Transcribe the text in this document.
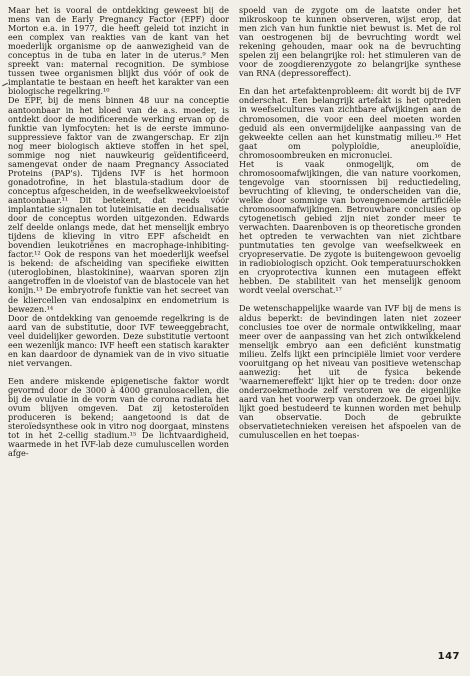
Maar het is vooral de ontdekking geweest bij de mens van de Early Pregnancy Factor (EPF) door Morton e.a. in 1977, die heeft geleid tot inzicht in een complex van reakties van de kant van het moederlijk organisme op de aanwezigheid van de conceptus in de tuba en later in de uterus.⁹ Men spreekt van: maternal recognition. De symbiose tussen twee organismen blijkt dus vóór of ook de implantatie te bestaan en heeft het karakter van een biologische regelkring.¹⁰

De EPF, bij de mens binnen 48 uur na conceptie aantoonbaar in het bloed van de a.s. moeder, is ontdekt door de modificerende werking ervan op de funktie van lymfocyten: het is de eerste immuno-suppressieve faktor van de zwangerschap. Er zijn nog meer biologisch aktieve stoffen in het spel, sommige nog niet nauwkeurig geïdentificeerd, samengevat onder de naam Pregnancy Associated Proteins (PAP's). Tijdens IVF is het hormoon gonadotrofine, in het blastula-stadium door de conceptus afgescheiden, in de weefselkweekvloeistof aantoonbaar.¹¹ Dit betekent, dat reeds vóór implantatie signalen tot luteinisatie en decidualisatie door de conceptus worden uitgezonden. Edwards zelf deelde onlangs mede, dat het menselijk embryo tijdens de klieving in vitro EPF afscheidt en bovendien leukotriënes en macrophage-inhibiting-factor.¹² Ook de respons van het moederlijk weefsel is bekend: de afscheiding van specifieke eiwitten (uteroglobinen, blastokinine), waarvan sporen zijn aangetroffen in de vloeistof van de blastocele van het konijn.¹³ De embryotrofe funktie van het secreet van de kliercellen van endosalpinx en endometrium is bewezen.¹⁴

Door de ontdekking van genoemde regelkring is de aard van de substitutie, door IVF teweeggebracht, veel duidelijker geworden. Deze substitutie vertoont een wezenlijk manco: IVF heeft een statisch karakter en kan daardoor de dynamiek van de in vivo situatie niet vervangen.

Een andere miskende epigenetische faktor wordt gevormd door de 3000 à 4000 granulosacellen, die bij de ovulatie in de vorm van de corona radiata het ovum blijven omgeven. Dat zij ketosteroïden produceren is bekend; aangetoond is dat de steroïedsynthese ook in vitro nog doorgaat, minstens tot in het 2-cellig stadium.¹⁵ De lichtvaardigheid, waarmede in het IVF-lab deze cumuluscellen worden afge-

spoeld van de zygote om de laatste onder het mikroskoop te kunnen observeren, wijst erop, dat men zich van hun funktie niet bewust is. Met de rol van oestrogenen bij de bevruchting wordt wel rekening gehouden, maar ook na de bevruchting spelen zij een belangrijke rol: het stimuleren van de voor de zoogdierenzygote zo belangrijke synthese van RNA (depressoreffect).

En dan het artefaktenprobleem: dit wordt bij de IVF onderschat. Een belangrijk artefakt is het optreden in weefselcultures van zichtbare afwijkingen aan de chromosomen, die voor een deel moeten worden geduid als een onvermijdelijke aanpassing van de gekweekte cellen aan het kunstmatig milieu.¹⁶ Het gaat om polyploïdie, aneuploïdie, chromosoombreuken en micronuclei.

Het is vaak onmogelijk, om de chromosoomafwijkingen, die van nature voorkomen, tengevolge van stoornissen bij reductiedeling, bevruchting of klieving, te onderscheiden van die, welke door sommige van bovengenoemde artificiële chromosoomafwijkingen. Betrouwbare conclusies op cytogenetisch gebied zijn niet zonder meer te verwachten. Daarenboven is op theoretische gronden het optreden te verwachten van niet zichtbare puntmutaties ten gevolge van weefselkweek en cryopreservatie. De zygote is buitengewoon gevoelig in radiobiologisch opzicht. Ook temperatuurschokken en cryoprotectiva kunnen een mutageen effekt hebben. De stabiliteit van het menselijk genoom wordt veelal overschat.¹⁷

De wetenschappelijke waarde van IVF bij de mens is aldus beperkt: de bevindingen laten niet zozeer conclusies toe over de normale ontwikkeling, maar meer over de aanpassing van het zich ontwikkelend menselijk embryo aan een deficiënt kunstmatig milieu. Zelfs lijkt een principiële limiet voor verdere vooruitgang op het niveau van positieve wetenschap aanwezig: het uit de fysica bekende 'waarnemereffekt' lijkt hier op te treden: door onze onderzoekmethode zelf verstoren we de eigenlijke aard van het voorwerp van onderzoek. De groei bijv. lijkt goed bestudeerd te kunnen worden met behulp van observatie. Doch de gebruikte observatietechnieken vereisen het afspoelen van de cumuluscellen en het toepas-

147
